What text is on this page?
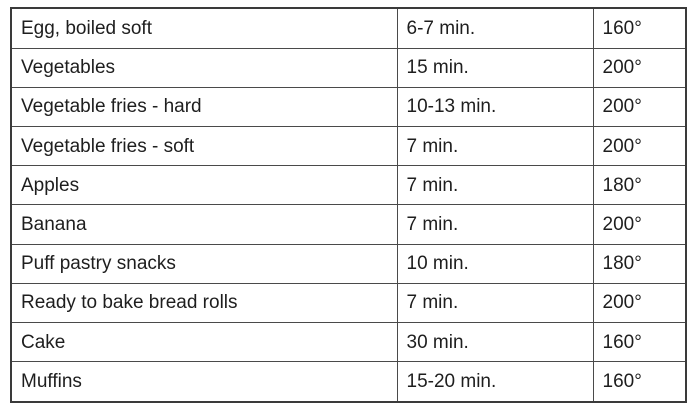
Egg, boiled soft	6-7 min.	160°
Vegetables	15 min.	200°
Vegetable fries - hard	10-13 min.	200°
Vegetable fries - soft	7 min.	200°
Apples	7 min.	180°
Banana	7 min.	200°
Puff pastry snacks	10 min.	180°
Ready to bake bread rolls	7 min.	200°
Cake	30 min.	160°
Muffins	15-20 min.	160°
